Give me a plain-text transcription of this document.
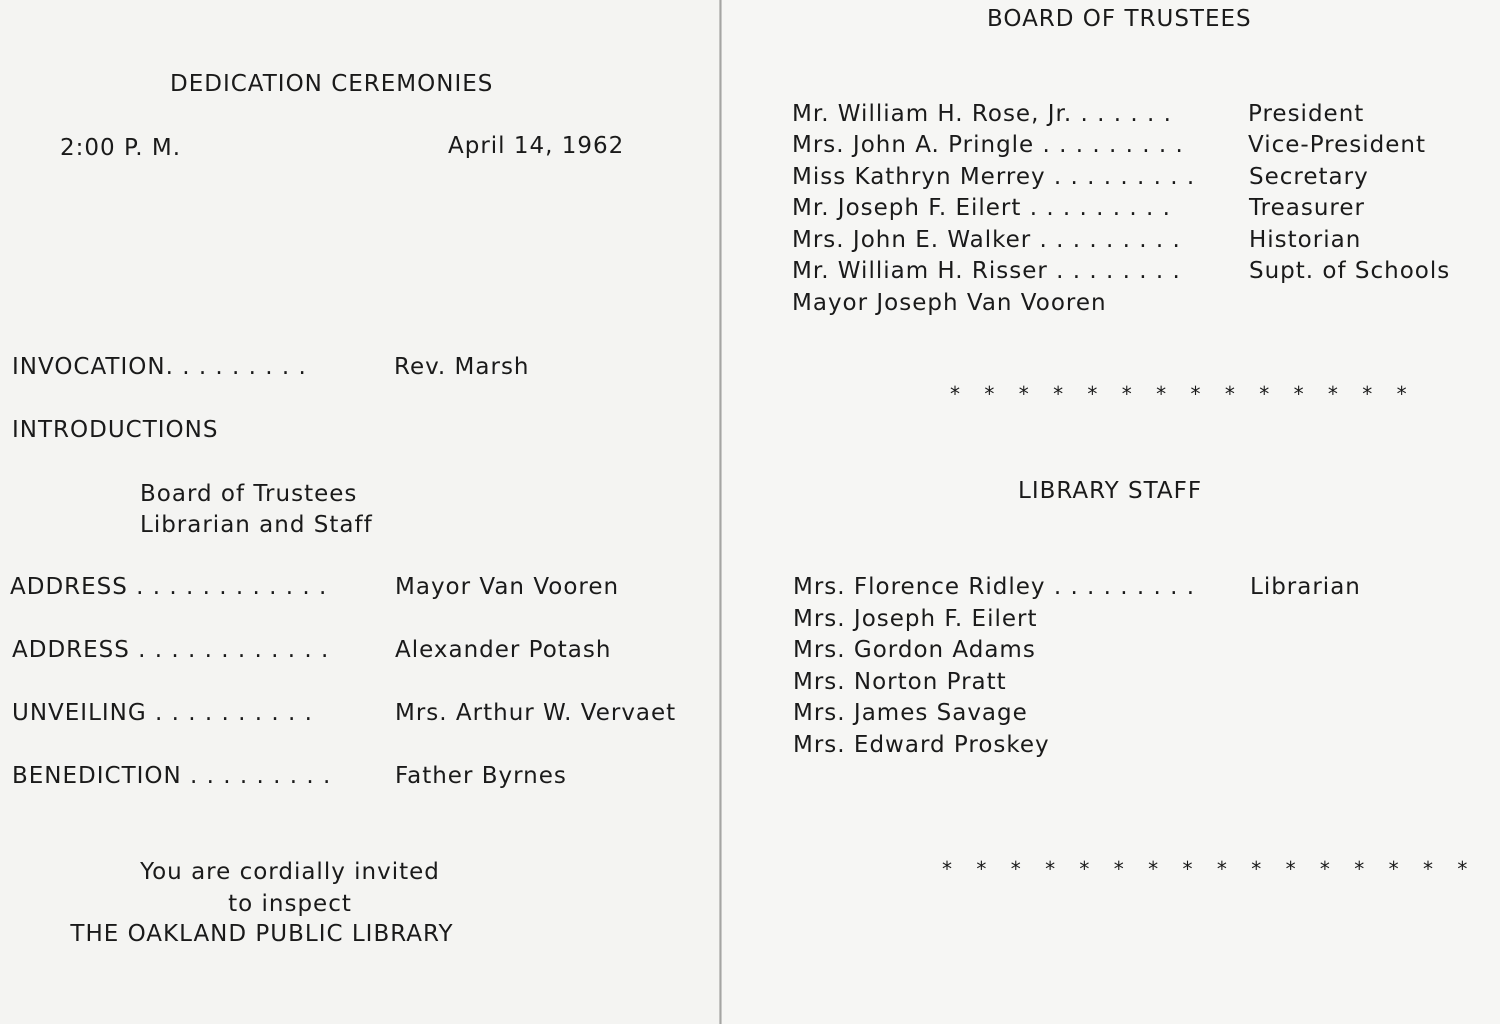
DEDICATION CEREMONIES
2:00 P. M.	April 14, 1962
INVOCATION. . . . . . . . .	Rev. Marsh
INTRODUCTIONS
Board of Trustees
Librarian and Staff
ADDRESS . . . . . . . . . . . .	Mayor Van Vooren
ADDRESS . . . . . . . . . . . .	Alexander Potash
UNVEILING . . . . . . . . . .	Mrs. Arthur W. Vervaet
BENEDICTION . . . . . . . . .	Father Byrnes
You are cordially invited
to inspect
THE OAKLAND PUBLIC LIBRARY
BOARD OF TRUSTEES
Mr. William H. Rose, Jr. . . . . . .	President
Mrs. John A. Pringle . . . . . . . . .	Vice-President
Miss Kathryn Merrey . . . . . . . . . Secretary
Mr. Joseph F. Eilert . . . . . . . . .	Treasurer
Mrs. John E. Walker . . . . . . . . .	Historian
Mr. William H. Risser . . . . . . . .	Supt. of Schools
Mayor Joseph Van Vooren
* * * * * * * * * * * * * *
LIBRARY STAFF
Mrs. Florence Ridley . . . . . . . . . Librarian
Mrs. Joseph F. Eilert
Mrs. Gordon Adams
Mrs. Norton Pratt
Mrs. James Savage
Mrs. Edward Proskey
* * * * * * * * * * * * * * * *
